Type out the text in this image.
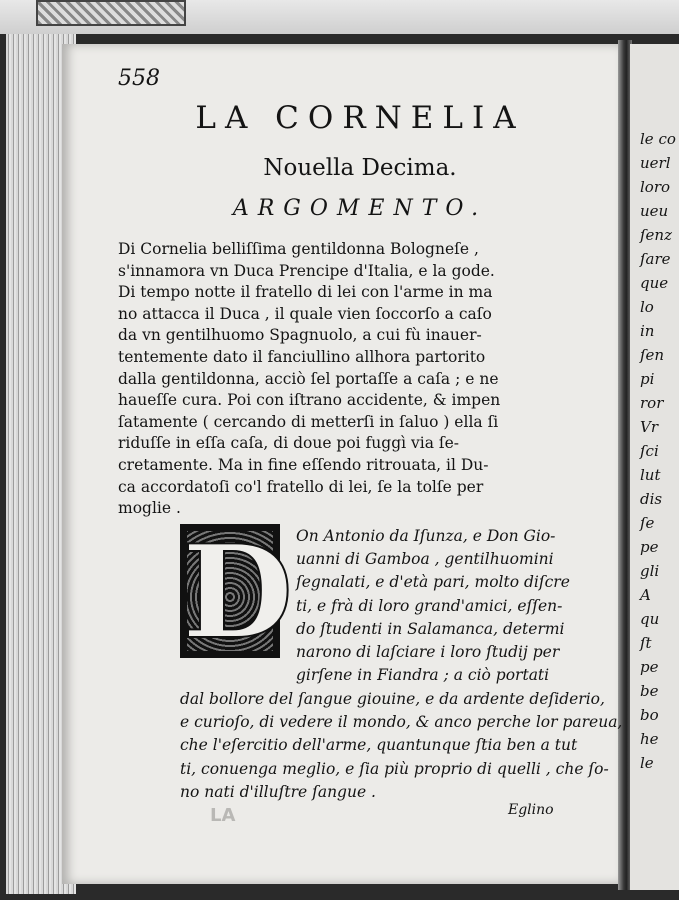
le co
uerl
loro
ueu
ſenz
ſare
que
lo
in
ſen
pi
ror
Vr
ſci
lut
dis
ſe
pe
gli
A
qu
ſt
pe
be
bo
he
le
558
LA CORNELIA
Nouella Decima.
ARGOMENTO.
Di Cornelia belliſſima gentildonna Bologneſe ,
s'innamora vn Duca Prencipe d'Italia, e la gode.
Di tempo notte il fratello di lei con l'arme in ma
no attacca il Duca , il quale vien ſoccorſo a caſo
da vn gentilhuomo Spagnuolo, a cui fù inauer-
tentemente dato il fanciullino allhora partorito
dalla gentildonna, acciò ſel portaſſe a caſa ; e ne
haueſſe cura. Poi con iſtrano accidente, & impen
ſatamente ( cercando di metterſi in ſaluo ) ella ſi
riduſſe in eſſa caſa, di doue poi fuggì via ſe-
cretamente. Ma in fine eſſendo ritrouata, il Du-
ca accordatoſi co'l fratello di lei, ſe la tolſe per
moglie .
D On Antonio da Iſunza, e Don Gio-
uanni di Gamboa , gentilhuomini
ſegnalati, e d'età pari, molto diſcre
ti, e frà di loro grand'amici, eſſen-
do ſtudenti in Salamanca, determi
narono di laſciare i loro ſtudij per
girſene in Fiandra ; a ciò portati
dal bollore del ſangue giouine, e da ardente deſiderio,
e curioſo, di vedere il mondo, & anco perche lor pareua,
che l'eſercitio dell'arme, quantunque ſtia ben a tut
ti, conuenga meglio, e ſia più proprio di quelli , che ſo-
no nati d'illuſtre ſangue .
LA	Eglino
